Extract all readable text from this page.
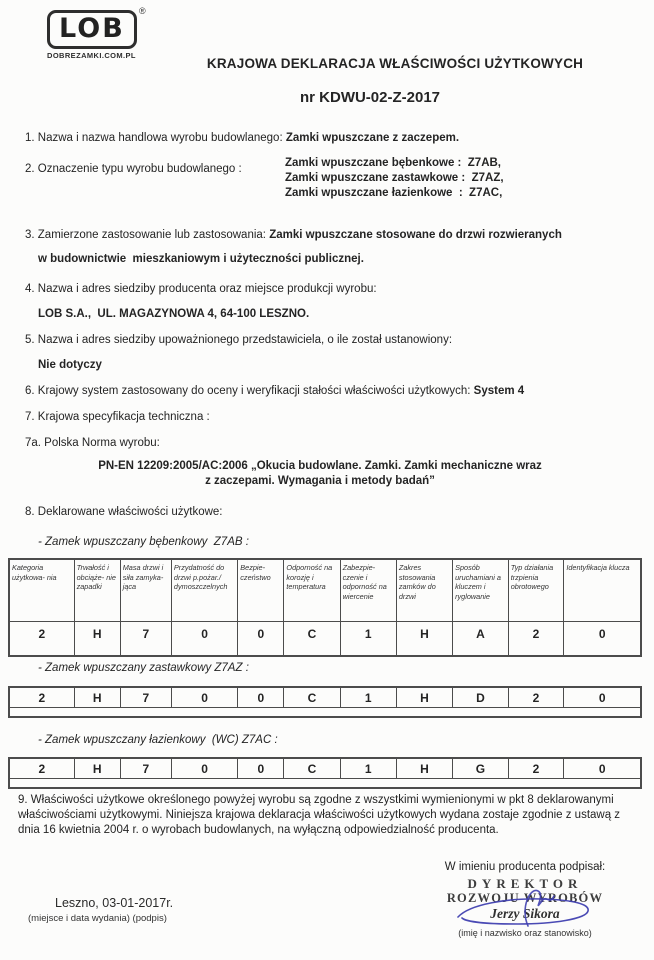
LOB
®
DOBREZAMKI.COM.PL
KRAJOWA DEKLARACJA WŁAŚCIWOŚCI UŻYTKOWYCH
nr KDWU-02-Z-2017
1. Nazwa i nazwa handlowa wyrobu budowlanego: Zamki wpuszczane z zaczepem.
2. Oznaczenie typu wyrobu budowlanego :	Zamki wpuszczane bębenkowe :  Z7AB,
Zamki wpuszczane zastawkowe :  Z7AZ,
Zamki wpuszczane łazienkowe  :  Z7AC,
3. Zamierzone zastosowanie lub zastosowania: Zamki wpuszczane stosowane do drzwi rozwieranych
w budownictwie  mieszkaniowym i użyteczności publicznej.
4. Nazwa i adres siedziby producenta oraz miejsce produkcji wyrobu:
LOB S.A.,  UL. MAGAZYNOWA 4, 64-100 LESZNO.
5. Nazwa i adres siedziby upoważnionego przedstawiciela, o ile został ustanowiony:
Nie dotyczy
6. Krajowy system zastosowany do oceny i weryfikacji stałości właściwości użytkowych: System 4
7. Krajowa specyfikacja techniczna :
7a. Polska Norma wyrobu:
PN-EN 12209:2005/AC:2006 „Okucia budowlane. Zamki. Zamki mechaniczne wraz
z zaczepami. Wymagania i metody badań”
8. Deklarowane właściwości użytkowe:
- Zamek wpuszczany bębenkowy  Z7AB :
Kategoria użytkowa- nia	Trwałość i obciąże- nie zapadki	Masa drzwi i siła zamyka- jąca	Przydatność do drzwi p.pożar./ dymoszczelnych	Bezpie- czeństwo	Odporność na korozję i temperatura	Zabezpie- czenie i odporność na wiercenie	Zakres stosowania zamków do drzwi	Sposób uruchamiani a kluczem i ryglowanie	Typ działania trzpienia obrotowego	Identyfikacja klucza
2	H	7	0	0	C	1	H	A	2	0
- Zamek wpuszczany zastawkowy Z7AZ :
2	H	7	0	0	C	1	H	D	2	0

- Zamek wpuszczany łazienkowy  (WC) Z7AC :
2	H	7	0	0	C	1	H	G	2	0

9. Właściwości użytkowe określonego powyżej wyrobu są zgodne z wszystkimi wymienionymi w pkt 8 deklarowanymi właściwościami użytkowymi. Niniejsza krajowa deklaracja właściwości użytkowych wydana zostaje zgodnie z ustawą z dnia 16 kwietnia 2004 r. o wyrobach budowlanych, na wyłączną odpowiedzialność producenta.
W imieniu producenta podpisał:
DYREKTOR
ROZWOJU WYROBÓW
Jerzy Sikora
(imię i nazwisko oraz stanowisko)
Leszno, 03-01-2017r.
(miejsce i data wydania) (podpis)
